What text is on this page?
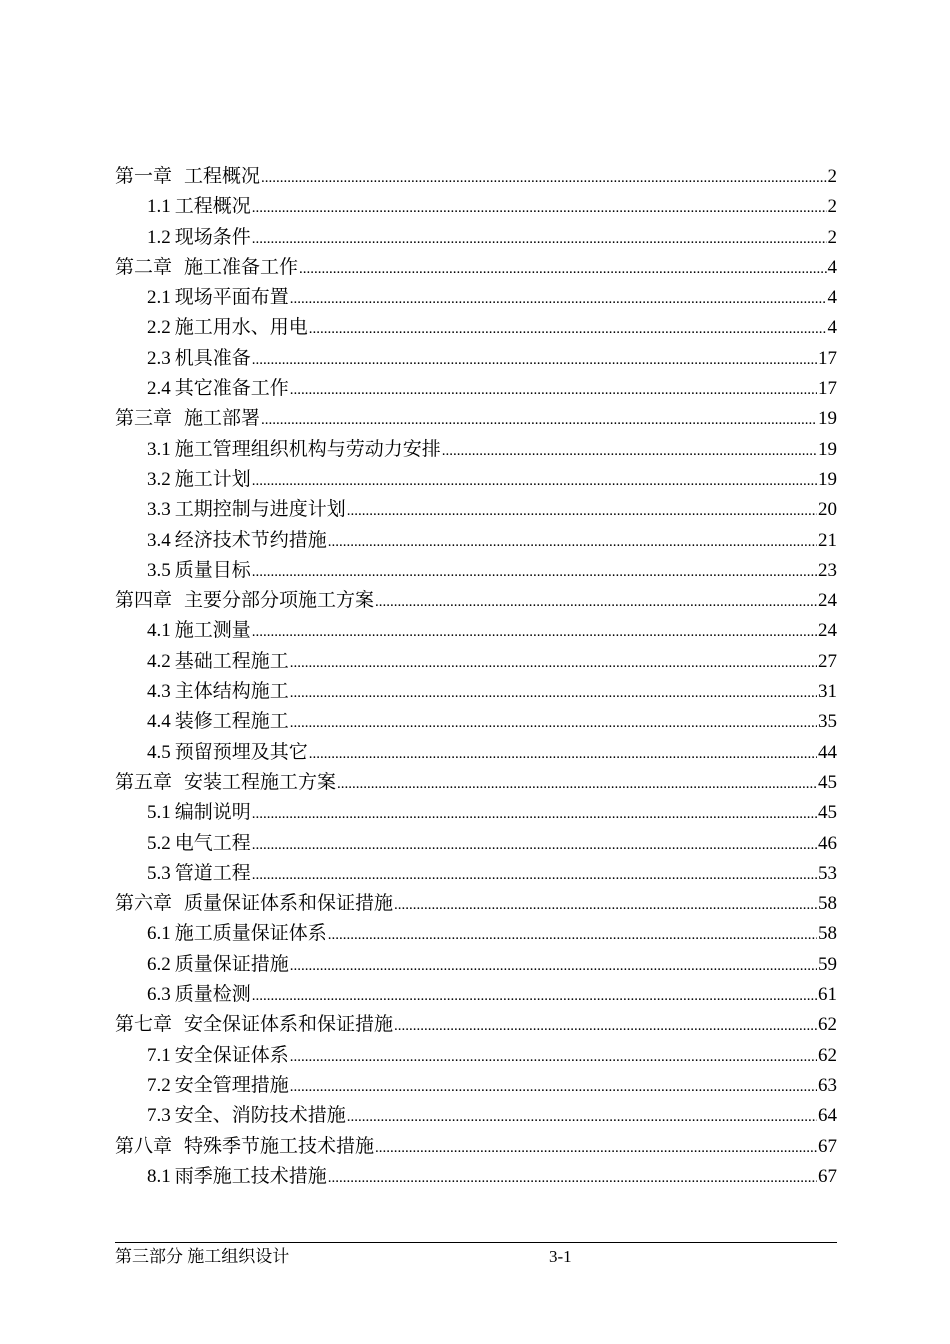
第一章 工程概况 .....	2
1.1 工程概况 .....	2
1.2 现场条件 .....	2
第二章 施工准备工作 .....	4
2.1 现场平面布置 .....	4
2.2 施工用水、用电 .....	4
2.3 机具准备 .....	17
2.4 其它准备工作 .....	17
第三章 施工部署 .....	19
3.1 施工管理组织机构与劳动力安排 .....	19
3.2 施工计划 .....	19
3.3 工期控制与进度计划 .....	20
3.4 经济技术节约措施 .....	21
3.5 质量目标 .....	23
第四章 主要分部分项施工方案 .....	24
4.1 施工测量 .....	24
4.2 基础工程施工 .....	27
4.3 主体结构施工 .....	31
4.4 装修工程施工 .....	35
4.5 预留预埋及其它 .....	44
第五章 安装工程施工方案 .....	45
5.1 编制说明 .....	45
5.2 电气工程 .....	46
5.3 管道工程 .....	53
第六章 质量保证体系和保证措施 .....	58
6.1 施工质量保证体系 .....	58
6.2 质量保证措施 .....	59
6.3 质量检测 .....	61
第七章 安全保证体系和保证措施 .....	62
7.1 安全保证体系 .....	62
7.2 安全管理措施 .....	63
7.3 安全、消防技术措施 .....	64
第八章 特殊季节施工技术措施 .....	67
8.1 雨季施工技术措施 .....	67
第三部分 施工组织设计	3-1
